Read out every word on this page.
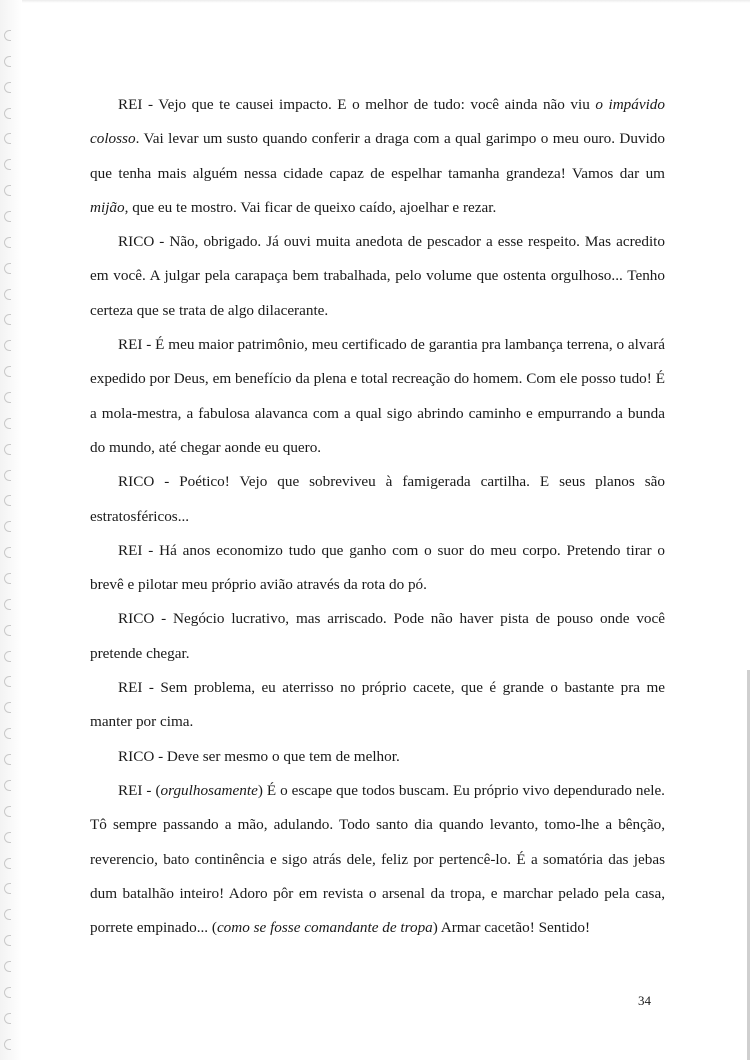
REI - Vejo que te causei impacto. E o melhor de tudo: você ainda não viu o impávido colosso. Vai levar um susto quando conferir a draga com a qual garimpo o meu ouro. Duvido que tenha mais alguém nessa cidade capaz de espelhar tamanha grandeza! Vamos dar um mijão, que eu te mostro. Vai ficar de queixo caído, ajoelhar e rezar.

RICO - Não, obrigado. Já ouvi muita anedota de pescador a esse respeito. Mas acredito em você. A julgar pela carapaça bem trabalhada, pelo volume que ostenta orgulhoso... Tenho certeza que se trata de algo dilacerante.

REI - É meu maior patrimônio, meu certificado de garantia pra lambança terrena, o alvará expedido por Deus, em benefício da plena e total recreação do homem. Com ele posso tudo! É a mola-mestra, a fabulosa alavanca com a qual sigo abrindo caminho e empurrando a bunda do mundo, até chegar aonde eu quero.

RICO - Poético! Vejo que sobreviveu à famigerada cartilha. E seus planos são estratosféricos...

REI - Há anos economizo tudo que ganho com o suor do meu corpo. Pretendo tirar o brevê e pilotar meu próprio avião através da rota do pó.

RICO - Negócio lucrativo, mas arriscado. Pode não haver pista de pouso onde você pretende chegar.

REI - Sem problema, eu aterrisso no próprio cacete, que é grande o bastante pra me manter por cima.

RICO - Deve ser mesmo o que tem de melhor.

REI - (orgulhosamente) É o escape que todos buscam. Eu próprio vivo dependurado nele. Tô sempre passando a mão, adulando. Todo santo dia quando levanto, tomo-lhe a bênção, reverencio, bato continência e sigo atrás dele, feliz por pertencê-lo. É a somatória das jebas dum batalhão inteiro! Adoro pôr em revista o arsenal da tropa, e marchar pelado pela casa, porrete empinado... (como se fosse comandante de tropa) Armar cacetão! Sentido!

34
